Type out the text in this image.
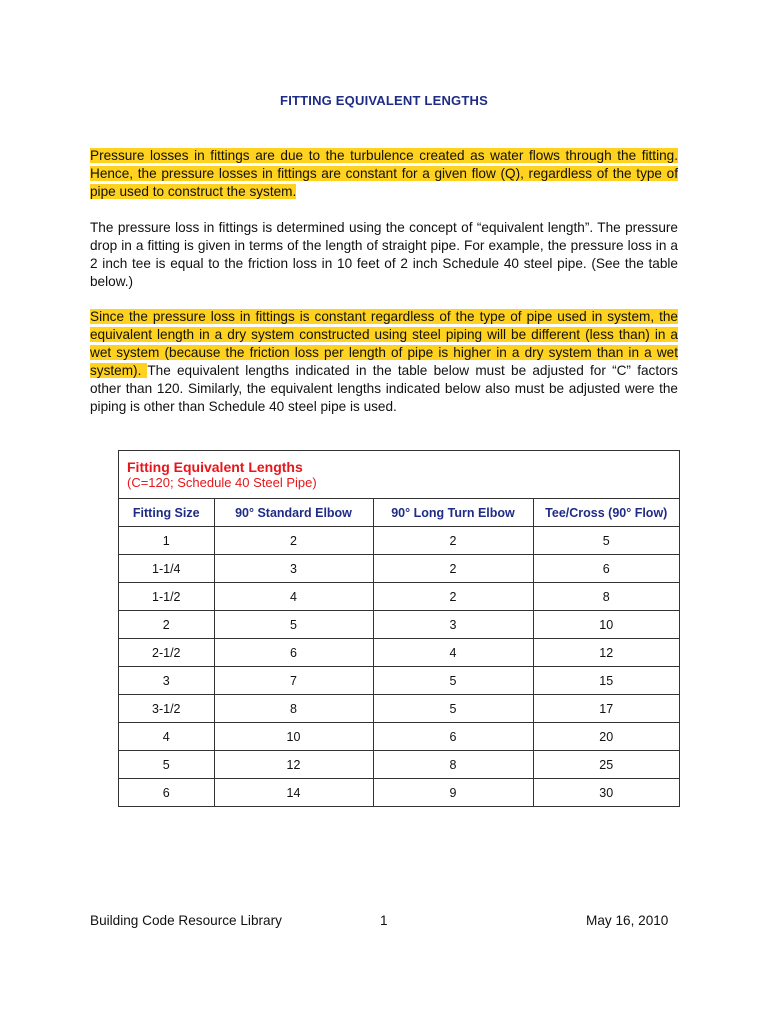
FITTING EQUIVALENT LENGTHS

Pressure losses in fittings are due to the turbulence created as water flows through the fitting. Hence, the pressure losses in fittings are constant for a given flow (Q), regardless of the type of pipe used to construct the system.

The pressure loss in fittings is determined using the concept of “equivalent length”. The pressure drop in a fitting is given in terms of the length of straight pipe. For example, the pressure loss in a 2 inch tee is equal to the friction loss in 10 feet of 2 inch Schedule 40 steel pipe. (See the table below.)

Since the pressure loss in fittings is constant regardless of the type of pipe used in system, the equivalent length in a dry system constructed using steel piping will be different (less than) in a wet system (because the friction loss per length of pipe is higher in a dry system than in a wet system). The equivalent lengths indicated in the table below must be adjusted for “C” factors other than 120. Similarly, the equivalent lengths indicated below also must be adjusted were the piping is other than Schedule 40 steel pipe is used.

Fitting Equivalent Lengths
(C=120; Schedule 40 Steel Pipe)
Fitting Size	90° Standard Elbow	90° Long Turn Elbow	Tee/Cross (90° Flow)
1	2	2	5
1-1/4	3	2	6
1-1/2	4	2	8
2	5	3	10
2-1/2	6	4	12
3	7	5	15
3-1/2	8	5	17
4	10	6	20
5	12	8	25
6	14	9	30
Building Code Resource Library	1	May 16, 2010
